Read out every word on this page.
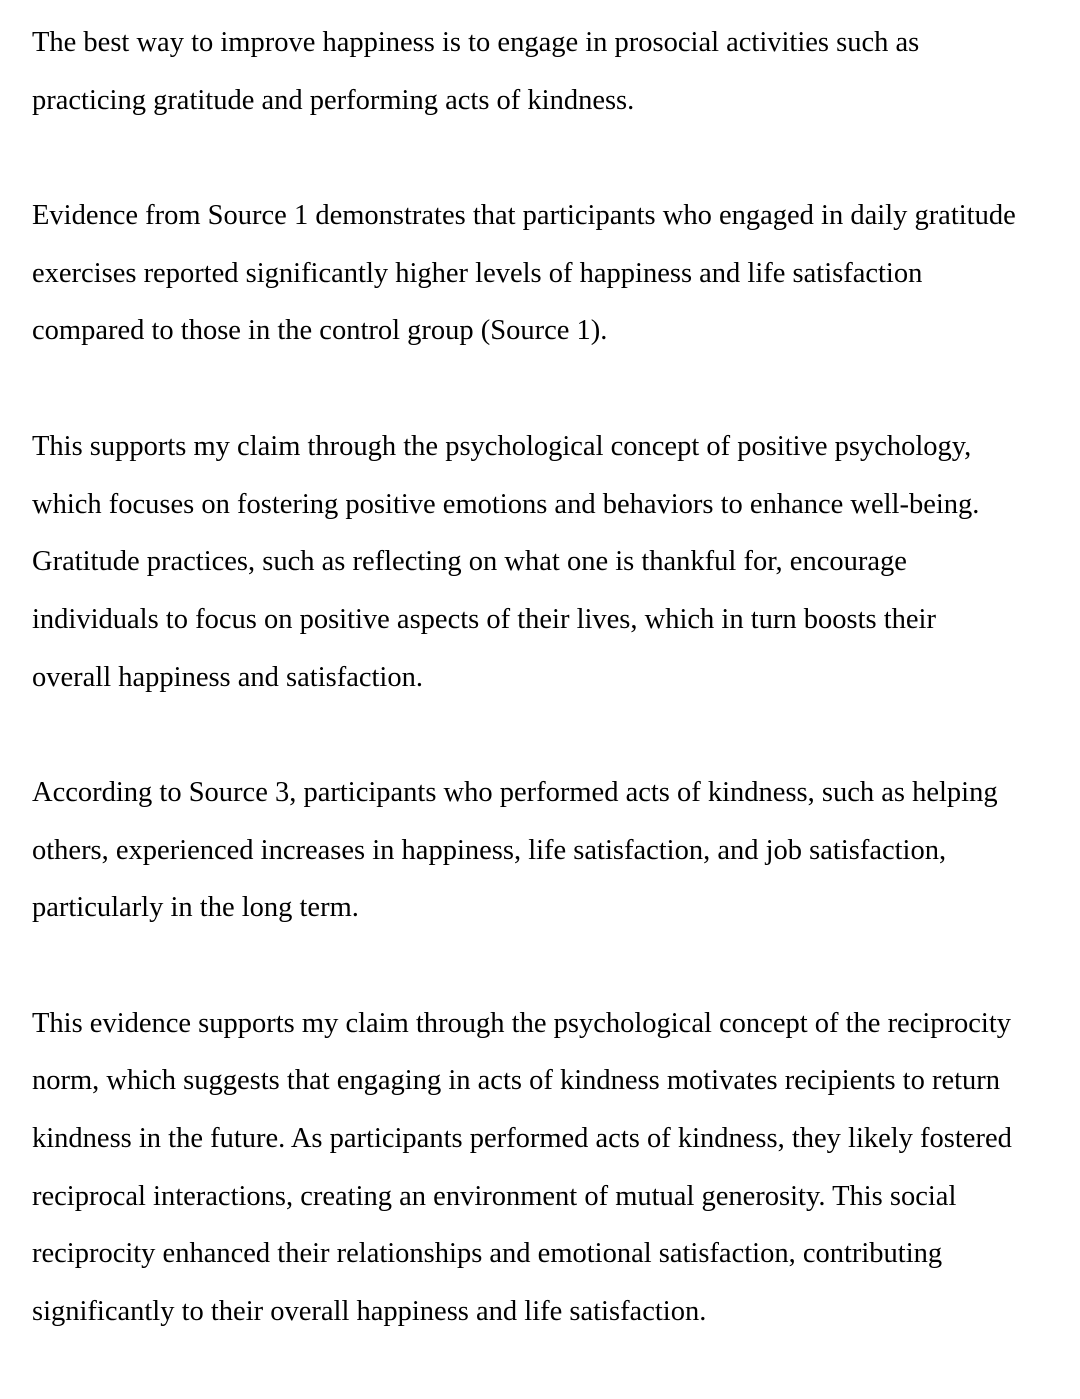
The best way to improve happiness is to engage in prosocial activities such as
practicing gratitude and performing acts of kindness.

Evidence from Source 1 demonstrates that participants who engaged in daily gratitude
exercises reported significantly higher levels of happiness and life satisfaction
compared to those in the control group (Source 1).

This supports my claim through the psychological concept of positive psychology,
which focuses on fostering positive emotions and behaviors to enhance well-being.
Gratitude practices, such as reflecting on what one is thankful for, encourage
individuals to focus on positive aspects of their lives, which in turn boosts their
overall happiness and satisfaction.

According to Source 3, participants who performed acts of kindness, such as helping
others, experienced increases in happiness, life satisfaction, and job satisfaction,
particularly in the long term.

This evidence supports my claim through the psychological concept of the reciprocity
norm, which suggests that engaging in acts of kindness motivates recipients to return
kindness in the future. As participants performed acts of kindness, they likely fostered
reciprocal interactions, creating an environment of mutual generosity. This social
reciprocity enhanced their relationships and emotional satisfaction, contributing
significantly to their overall happiness and life satisfaction.
